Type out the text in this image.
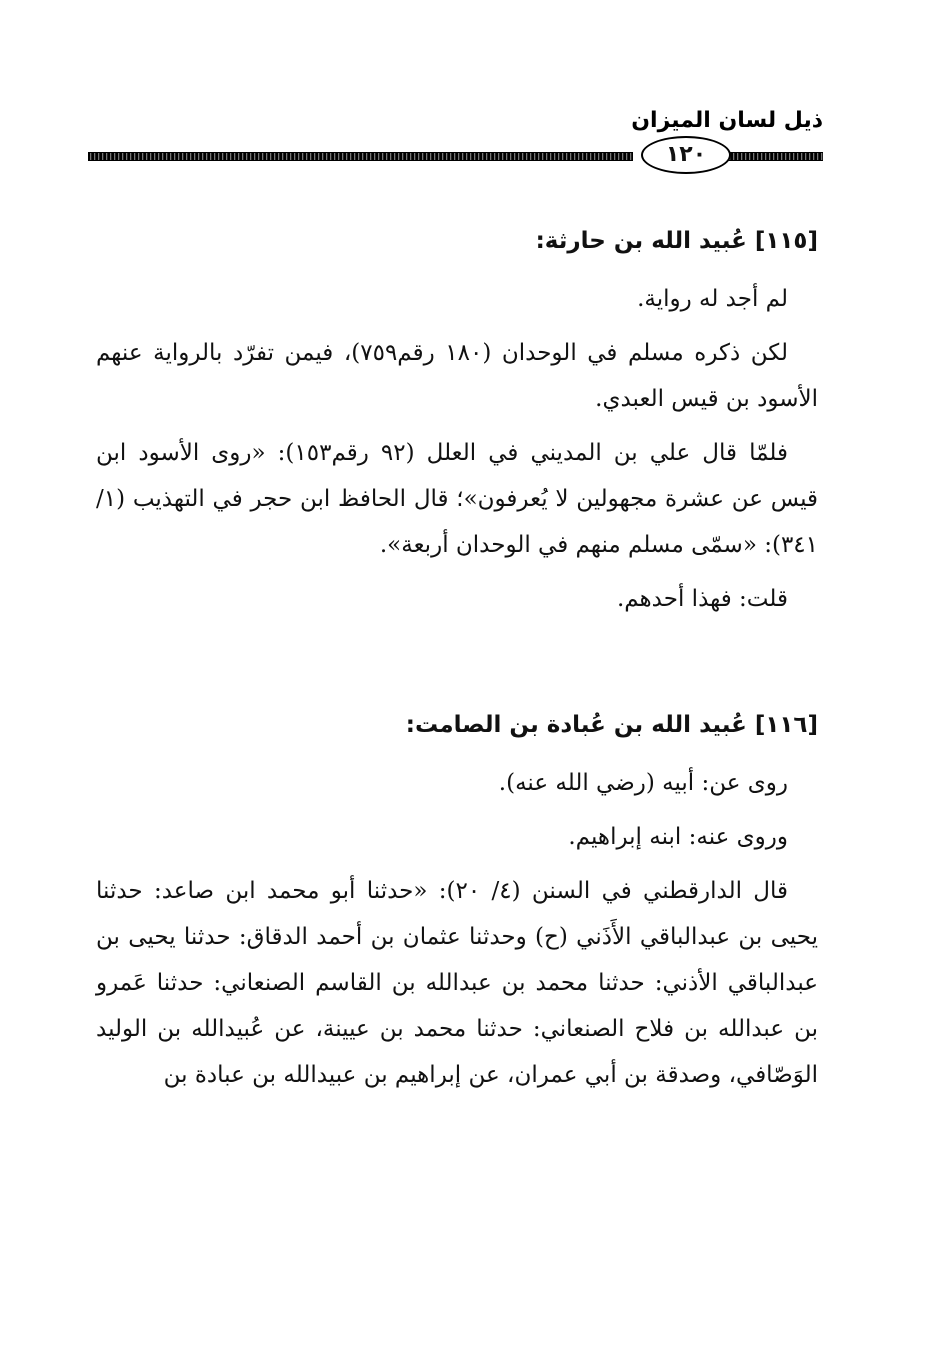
ذيل لسان الميزان
١٢٠
[١١٥] عُبيد الله بن حارثة:

لم أجد له رواية.

لكن ذكره مسلم في الوحدان (١٨٠ رقم٧٥٩)، فيمن تفرّد بالرواية عنهم الأسود بن قيس العبدي.

فلمّا قال علي بن المديني في العلل (٩٢ رقم١٥٣): «روى الأسود ابن قيس عن عشرة مجهولين لا يُعرفون»؛ قال الحافظ ابن حجر في التهذيب (١/ ٣٤١): «سمّى مسلم منهم في الوحدان أربعة».

قلت: فهذا أحدهم.

[١١٦] عُبيد الله بن عُبادة بن الصامت:

روى عن: أبيه (رضي الله عنه).

وروى عنه: ابنه إبراهيم.

قال الدارقطني في السنن (٤/ ٢٠): «حدثنا أبو محمد ابن صاعد: حدثنا يحيى بن عبدالباقي الأَذَني (ح) وحدثنا عثمان بن أحمد الدقاق: حدثنا يحيى بن عبدالباقي الأذني: حدثنا محمد بن عبدالله بن القاسم الصنعاني: حدثنا عَمرو بن عبدالله بن فلاح الصنعاني: حدثنا محمد بن عيينة، عن عُبيدالله بن الوليد الوَصّافي، وصدقة بن أبي عمران، عن إبراهيم بن عبيدالله بن عبادة بن
